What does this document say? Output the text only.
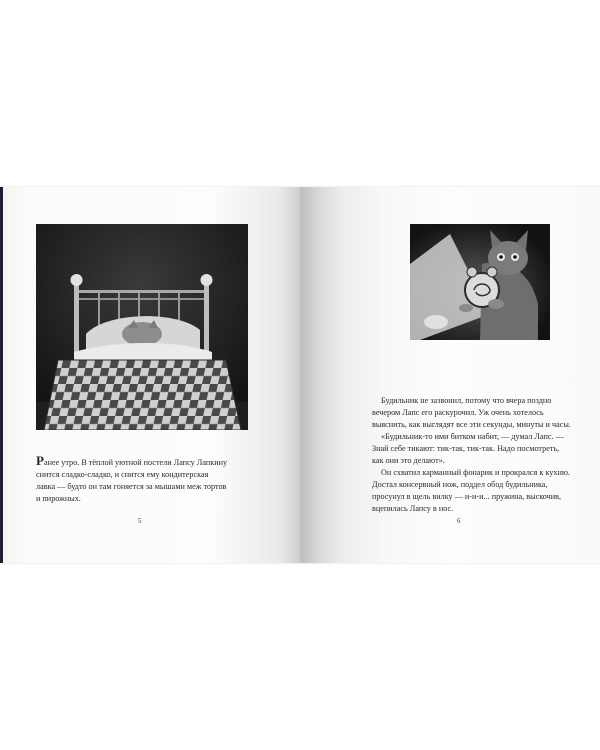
Ранее утро. В тёплой уютной постели Лапсу Лапкину
снится сладко-сладко, и снится ему кондитерская
лавка — будто он там гоняется за мышами меж тортов
и пирожных.

5

Будильник не зазвонил, потому что вчера поздно
вечером Лапс его раскурочил. Уж очень хотелось
выяснить, как выглядят все эти секунды, минуты и часы.

«Будильник-то ими битком набит, — думал Лапс. —
Знай себе тикают: тик-так, тик-так. Надо посмотреть,
как они это делают».

Он схватил карманный фонарик и прокрался к кухню.
Достал консервный нож, поддел обод будильника,
просунул в щель вилку — и-и-и... пружина, выскочив,
вцепилась Лапсу в нос.

6
